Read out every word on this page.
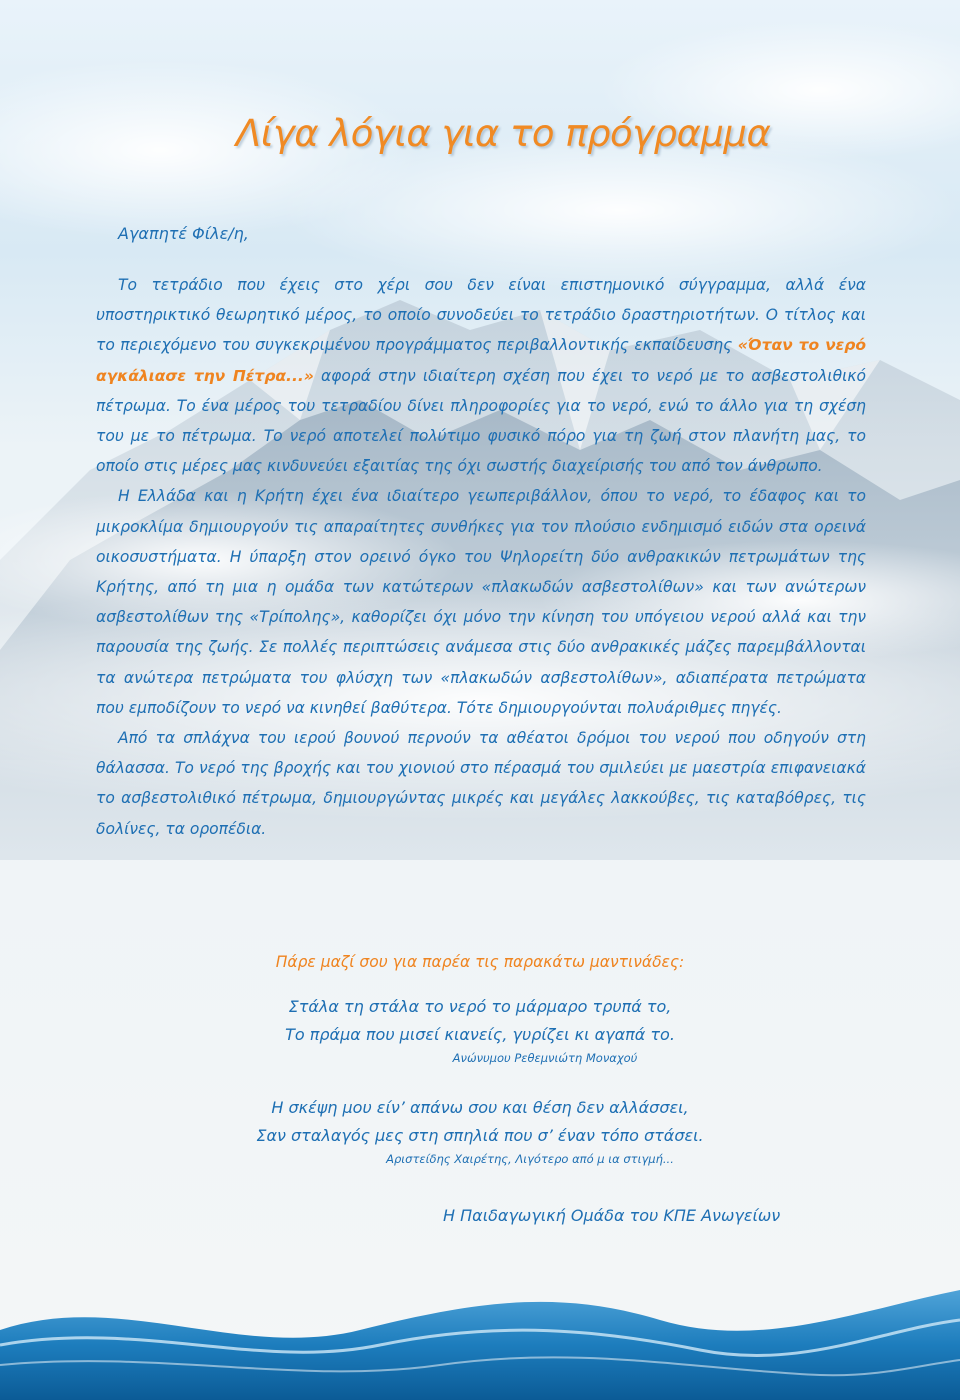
Λίγα λόγια για το πρόγραμμα
Αγαπητέ Φίλε/η,

Το τετράδιο που έχεις στο χέρι σου δεν είναι επιστημονικό σύγγραμμα, αλλά ένα υποστηρικτικό θεωρητικό μέρος, το οποίο συνοδεύει το τετράδιο δραστηριοτήτων. Ο τίτλος και το περιεχόμενο του συγκεκριμένου προγράμματος περιβαλλοντικής εκπαίδευσης «Όταν το νερό αγκάλιασε την Πέτρα...» αφορά στην ιδιαίτερη σχέση που έχει το νερό με το ασβεστολιθικό πέτρωμα. Το ένα μέρος του τετραδίου δίνει πληροφορίες για το νερό, ενώ το άλλο για τη σχέση του με το πέτρωμα. Το νερό αποτελεί πολύτιμο φυσικό πόρο για τη ζωή στον πλανήτη μας, το οποίο στις μέρες μας κινδυνεύει εξαιτίας της όχι σωστής διαχείρισής του από τον άνθρωπο.

Η Ελλάδα και η Κρήτη έχει ένα ιδιαίτερο γεωπεριβάλλον, όπου το νερό, το έδαφος και το μικροκλίμα δημιουργούν τις απαραίτητες συνθήκες για τον πλούσιο ενδημισμό ειδών στα ορεινά οικοσυστήματα. Η ύπαρξη στον ορεινό όγκο του Ψηλορείτη δύο ανθρακικών πετρωμάτων της Κρήτης, από τη μια η ομάδα των κατώτερων «πλακωδών ασβεστολίθων» και των ανώτερων ασβεστολίθων της «Τρίπολης», καθορίζει όχι μόνο την κίνηση του υπόγειου νερού αλλά και την παρουσία της ζωής. Σε πολλές περιπτώσεις ανάμεσα στις δύο ανθρακικές μάζες παρεμβάλλονται τα ανώτερα πετρώματα του φλύσχη των «πλακωδών ασβεστολίθων», αδιαπέρατα πετρώματα που εμποδίζουν το νερό να κινηθεί βαθύτερα. Τότε δημιουργούνται πολυάριθμες πηγές.

Από τα σπλάχνα του ιερού βουνού περνούν τα αθέατοι δρόμοι του νερού που οδηγούν στη θάλασσα. Το νερό της βροχής και του χιονιού στο πέρασμά του σμιλεύει με μαεστρία επιφανειακά το ασβεστολιθικό πέτρωμα, δημιουργώντας μικρές και μεγάλες λακκούβες, τις καταβόθρες, τις δολίνες, τα οροπέδια.

Πάρε μαζί σου για παρέα τις παρακάτω μαντινάδες:
Στάλα τη στάλα το νερό το μάρμαρο τρυπά το,
Το πράμα που μισεί κιανείς, γυρίζει κι αγαπά το.
Ανώνυμου Ρεθεμνιώτη Μοναχού
Η σκέψη μου είν’ απάνω σου και θέση δεν αλλάσσει,
Σαν σταλαγός μες στη σπηλιά που σ’ έναν τόπο στάσει.
Αριστείδης Χαιρέτης, Λιγότερο από μ ια στιγμή...
Η Παιδαγωγική Ομάδα του ΚΠΕ Ανωγείων
